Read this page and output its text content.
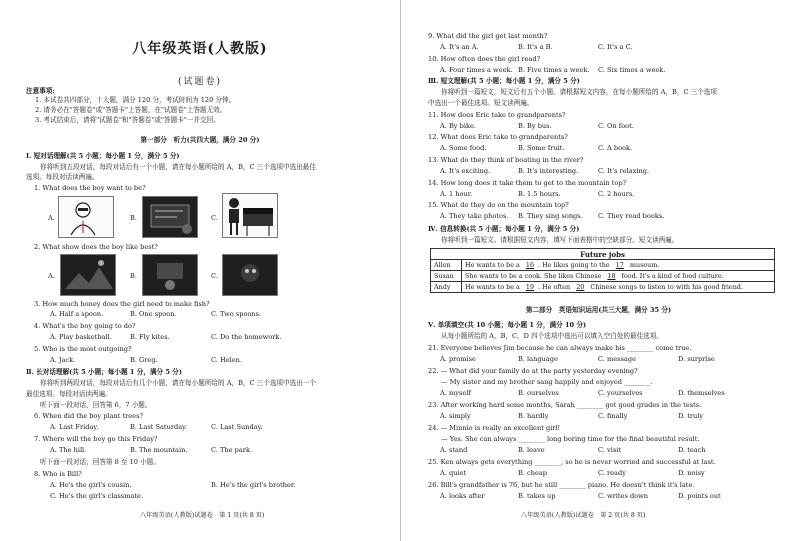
八年级英语(人教版)
(试题卷)
注意事项:
1. 本试卷共四部分，十大题，满分 120 分，考试时间为 120 分钟。
2. 请务必在"答题卷"或"答题卡"上答题，在"试题卷"上答题无效。
3. 考试结束后，请将"试题卷"和"答题卷"或"答题卡"一并交回。
第一部分　听力(共四大题，满分 20 分)
Ⅰ. 短对话理解(共 5 小题；每小题 1 分，满分 5 分)
你将听到五段对话，每段对话后有一个小题，请在每小题所给的 A，B，C 三个选项中选出最佳
选项。每段对话读两遍。
1. What does the boy want to be?
A.	B.	C.
2. What show does the boy like best?
A.	B.	C.
3. How much honey does the girl need to make fish?
A. Half a spoon.	B. One spoon.	C. Two spoons.
4. What's the boy going to do?
A. Play basketball.	B. Fly kites.	C. Do the homework.
5. Who is the most outgoing?
A. Jack.	B. Greg.	C. Helen.
Ⅱ. 长对话理解(共 5 小题；每小题 1 分，满分 5 分)
你将听到两段对话，每段对话后有几个小题，请在每小题所给的 A，B，C 三个选项中选出一个
最佳选项。每段对话读两遍。
听下面一段对话，回答第 6，7 小题。
6. When did the boy plant trees?
A. Last Friday.	B. Last Saturday.	C. Last Sunday.
7. Where will the boy go this Friday?
A. The hill.	B. The mountain.	C. The park.
听下面一段对话，回答第 8 至 10 小题。
8. Who is Bill?
A. He's the girl's cousin.	B. He's the girl's brother.
C. He's the girl's classmate.
八年级英语(人教版)试题卷　第 1 页(共 8 页)
9. What did the girl get last month?
A. It's an A.	B. It's a B.	C. It's a C.
10. How often does the girl read?
A. Four times a week. B. Five times a week. C. Six times a week.
Ⅲ. 短文理解(共 5 小题；每小题 1 分，满分 5 分)
你将听到一篇短文，短文后有五个小题。请根据短文内容，在每小题所给的 A，B，C 三个选项
中选出一个最佳选项。短文读两遍。
11. How does Eric take to grandparents?
A. By bike.	B. By bus.	C. On foot.
12. What does Eric take to grandparents?
A. Some food.	B. Some fruit.	C. A book.
13. What do they think of boating in the river?
A. It's exciting.	B. It's interesting.	C. It's relaxing.
14. How long does it take them to get to the mountain top?
A. 1 hour.	B. 1.5 hours.	C. 2 hours.
15. What do they do on the mountain top?
A. They take photos. B. They sing songs. C. They read books.
Ⅳ. 信息转换(共 5 小题；每小题 1 分，满分 5 分)
你将听到一篇短文。请根据短文内容，填写下面表格中的空缺部分。短文读两遍。
Future jobs	
Allen	He wants to be a 16 . He likes going to the 17 museum.
Susan	She wants to be a cook. She likes Chinese 18 food. It's a kind of food culture.
Andy	He wants to be a 19 . He often 20 Chinese songs to listen to with his good friend.
第二部分　英语知识运用(共三大题，满分 35 分)
Ⅴ. 单项填空(共 10 小题；每小题 1 分，满分 10 分)
从每小题所给的 A，B，C，D 四个选项中选出可以填入空白处的最佳选项。
21. Everyone believes Jim because he can always make his ________ come true.
A. promise	B. language	C. message	D. surprise
22. — What did your family do at the party yesterday evening?
— My sister and my brother sang happily and enjoyed ________.
A. myself	B. ourselves	C. yourselves	D. themselves
23. After working hard some months, Sarah ________ got good grades in the tests.
A. simply	B. hardly	C. finally	D. truly
24. — Minnie is really an excellent girl!
— Yes. She can always ________ long boring time for the final beautiful result.
A. stand	B. leave	C. visit	D. teach
25. Ken always gets everything ________, so he is never worried and successful at last.
A. quiet	B. cheap	C. ready	D. noisy
26. Bill's grandfather is 76, but he still ________ piano. He doesn't think it's late.
A. looks after	B. takes up	C. writes down	D. points out
八年级英语(人教版)试题卷　第 2 页(共 8 页)
